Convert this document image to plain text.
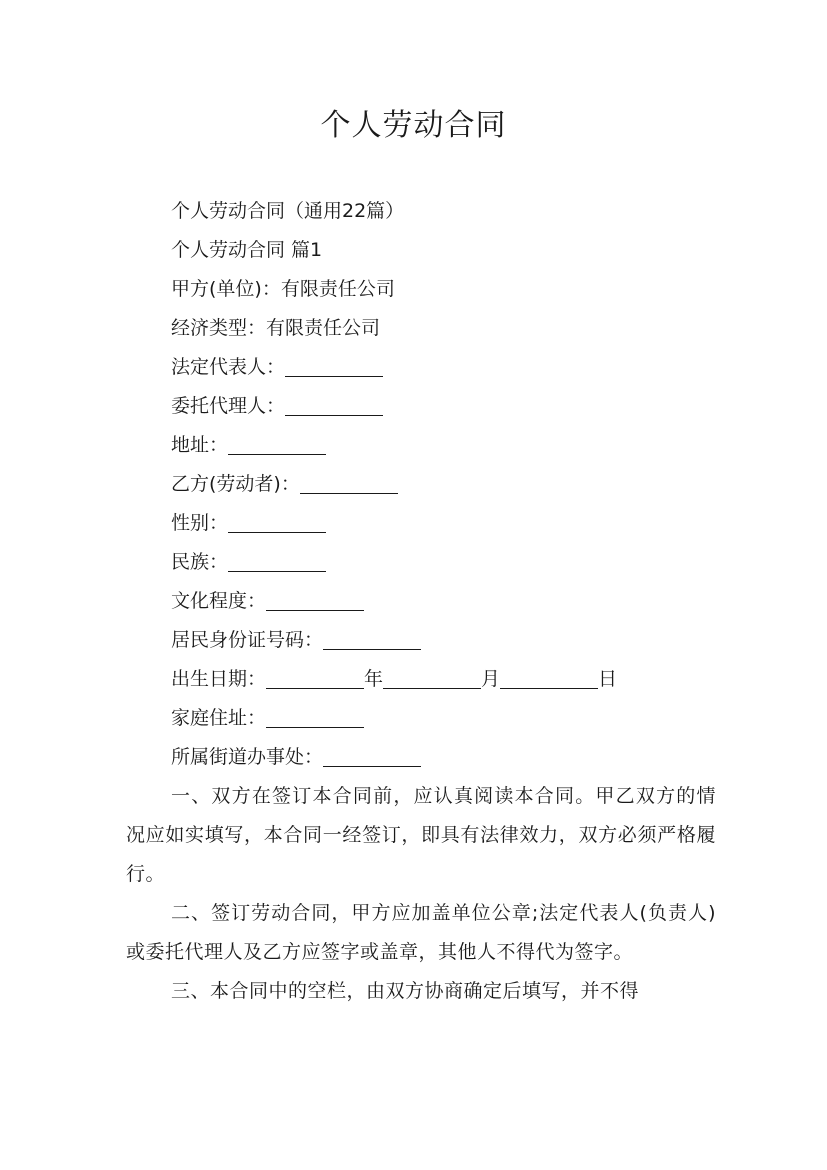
个人劳动合同
个人劳动合同（通用22篇）
个人劳动合同 篇1
甲方(单位)：有限责任公司
经济类型：有限责任公司
法定代表人：
委托代理人：
地址：
乙方(劳动者)：
性别：
民族：
文化程度：
居民身份证号码：
出生日期：	年	月	日
家庭住址：
所属街道办事处：

一、双方在签订本合同前，应认真阅读本合同。甲乙双方的情况应如实填写，本合同一经签订，即具有法律效力，双方必须严格履行。

二、签订劳动合同，甲方应加盖单位公章;法定代表人(负责人)或委托代理人及乙方应签字或盖章，其他人不得代为签字。

三、本合同中的空栏，由双方协商确定后填写，并不得
